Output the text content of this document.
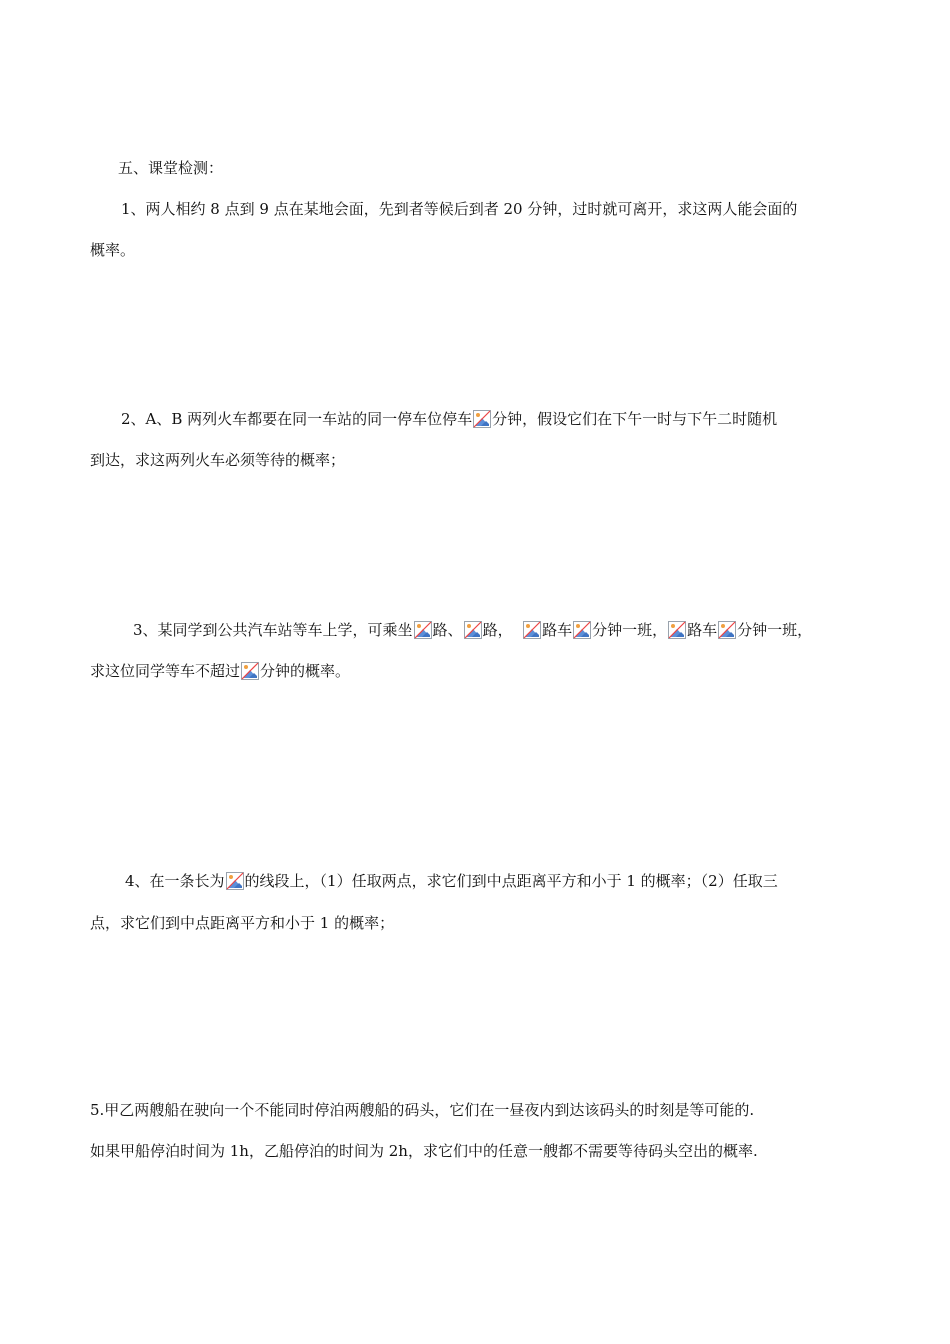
五、课堂检测：
1、两人相约 8 点到 9 点在某地会面，先到者等候后到者 20 分钟，过时就可离开，求这两人能会面的
概率。
2、A、B 两列火车都要在同一车站的同一停车位停车 分钟，假设它们在下午一时与下午二时随机
到达，求这两列火车必须等待的概率；
3、某同学到公共汽车站等车上学，可乘坐 路、 路， 路车 分钟一班， 路车 分钟一班，
求这位同学等车不超过 分钟的概率。
4、在一条长为 的线段上，（1）任取两点，求它们到中点距离平方和小于 1 的概率；（2）任取三
点，求它们到中点距离平方和小于 1 的概率；
5.甲乙两艘船在驶向一个不能同时停泊两艘船的码头，它们在一昼夜内到达该码头的时刻是等可能的.
如果甲船停泊时间为 1h，乙船停泊的时间为 2h，求它们中的任意一艘都不需要等待码头空出的概率.
